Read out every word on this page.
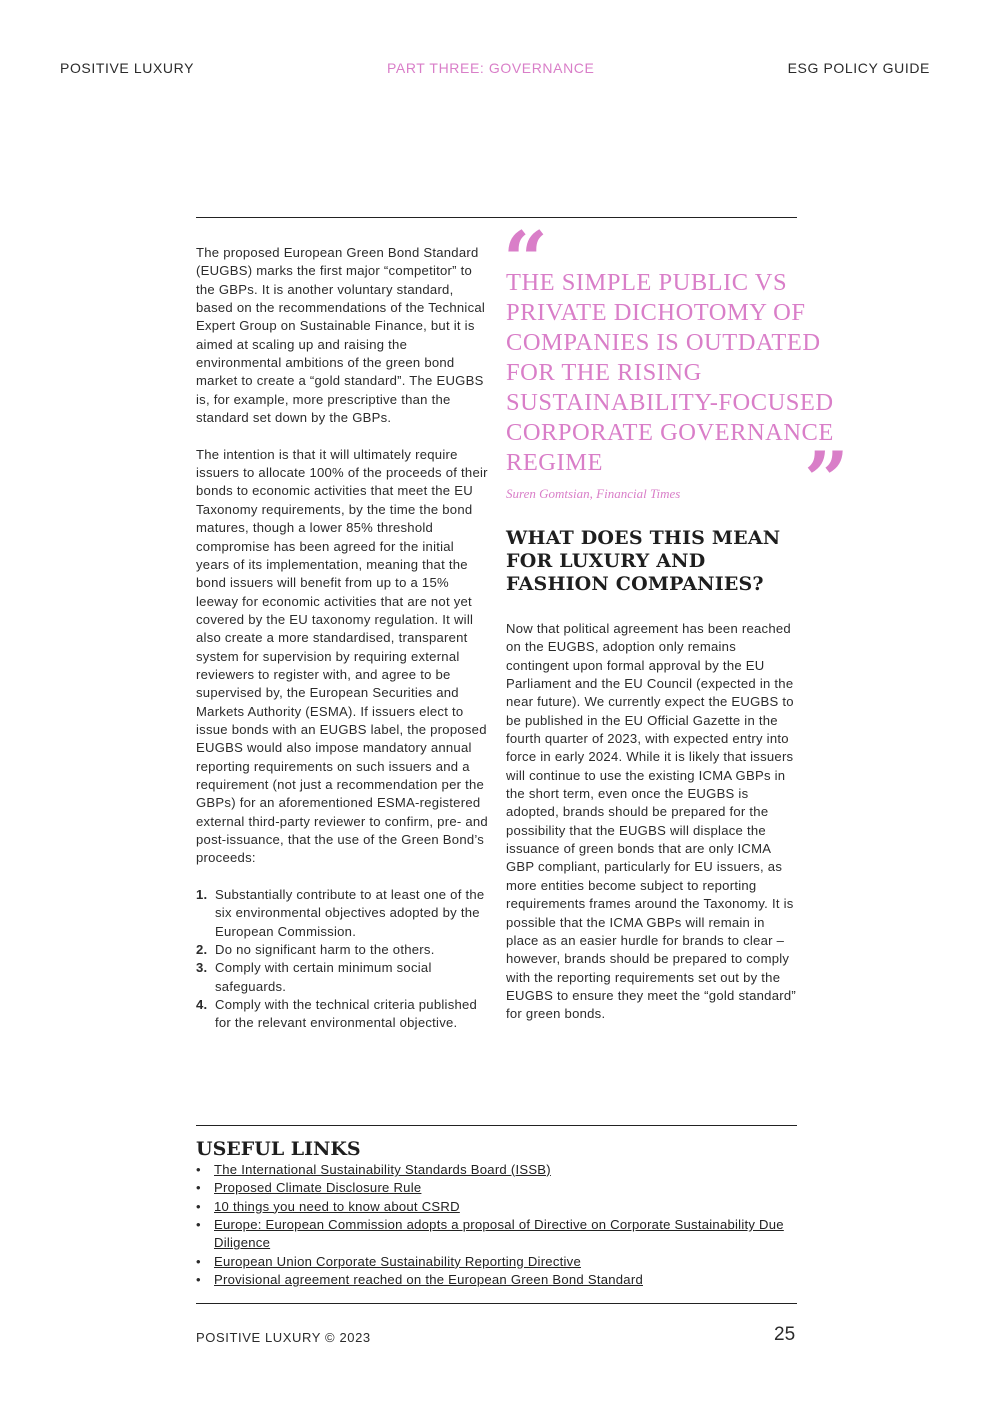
POSITIVE LUXURY	PART THREE: GOVERNANCE	ESG POLICY GUIDE

The proposed European Green Bond Standard (EUGBS) marks the first major “competitor” to the GBPs. It is another voluntary standard, based on the recommendations of the Technical Expert Group on Sustainable Finance, but it is aimed at scaling up and raising the environmental ambitions of the green bond market to create a “gold standard”. The EUGBS is, for example, more prescriptive than the standard set down by the GBPs.

The intention is that it will ultimately require issuers to allocate 100% of the proceeds of their bonds to economic activities that meet the EU Taxonomy requirements, by the time the bond matures, though a lower 85% threshold compromise has been agreed for the initial years of its implementation, meaning that the bond issuers will benefit from up to a 15% leeway for economic activities that are not yet covered by the EU taxonomy regulation. It will also create a more standardised, transparent system for supervision by requiring external reviewers to register with, and agree to be supervised by, the European Securities and Markets Authority (ESMA). If issuers elect to issue bonds with an EUGBS label, the proposed EUGBS would also impose mandatory annual reporting requirements on such issuers and a requirement (not just a recommendation per the GBPs) for an aforementioned ESMA-registered external third-party reviewer to confirm, pre- and post-issuance, that the use of the Green Bond’s proceeds:

1. Substantially contribute to at least one of the six environmental objectives adopted by the European Commission.
2. Do no significant harm to the others.
3. Comply with certain minimum social safeguards.
4. Comply with the technical criteria published for the relevant environmental objective.
“

THE SIMPLE PUBLIC VS PRIVATE DICHOTOMY OF COMPANIES IS OUTDATED FOR THE RISING SUSTAINABILITY-FOCUSED CORPORATE GOVERNANCE REGIME	”
Suren Gomtsian, Financial Times
WHAT DOES THIS MEAN FOR LUXURY AND FASHION COMPANIES?

Now that political agreement has been reached on the EUGBS, adoption only remains contingent upon formal approval by the EU Parliament and the EU Council (expected in the near future). We currently expect the EUGBS to be published in the EU Official Gazette in the fourth quarter of 2023, with expected entry into force in early 2024. While it is likely that issuers will continue to use the existing ICMA GBPs in the short term, even once the EUGBS is adopted, brands should be prepared for the possibility that the EUGBS will displace the issuance of green bonds that are only ICMA GBP compliant, particularly for EU issuers, as more entities become subject to reporting requirements frames around the Taxonomy. It is possible that the ICMA GBPs will remain in place as an easier hurdle for brands to clear – however, brands should be prepared to comply with the reporting requirements set out by the EUGBS to ensure they meet the “gold standard” for green bonds.

USEFUL LINKS
• The International Sustainability Standards Board (ISSB)
• Proposed Climate Disclosure Rule
• 10 things you need to know about CSRD
• Europe: European Commission adopts a proposal of Directive on Corporate Sustainability Due Diligence
• European Union Corporate Sustainability Reporting Directive
• Provisional agreement reached on the European Green Bond Standard
POSITIVE LUXURY © 2023	25
